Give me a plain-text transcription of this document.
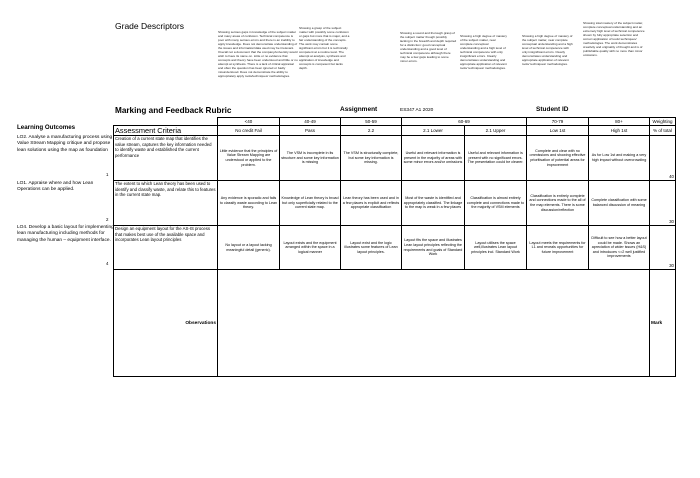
Grade Descriptors
Showing serious gaps in knowledge of the subject matter and many areas of confusion. Technical competence is poor with many serious errors and there is an inability to apply knowledge. Does not demonstrate understanding of the issues and information/data used may be irrelevant. Overall not a document that the company/university would wish to have its name on. Little or no evidence that concepts and theory have been understood and little or no attempt at synthesis. There is a lack of critical appraisal and often the question has been ignored or badly misunderstood. Does not demonstrate the ability to appropriately apply tools/techniques/ methodologies.
Showing a grasp of the subject matter with possibly some confusion or gaps but more that is major, and a fair understanding of the concepts. The work may contain some significant errors but it is technically competent at a routine level. The attempt at analysis, synthesis and application of knowledge and concepts is competent but lacks depth.
Showing a sound and thorough grasp of the subject matter though possibly lacking in the breadth and depth required for a distinction: good conceptual understanding and a good level of technical competence although there may be a few gaps leading to some minor errors.
Showing a high degree of mastery of the subject matter, near complete conceptual understanding and a high level of technical competence with only insignificant errors. Clearly demonstrates understanding and appropriate application of relevant tools/ techniques/ methodologies.
Showing a high degree of mastery of the subject matter, near complete conceptual understanding and a high level of technical competence with only insignificant errors. Clearly demonstrates understanding and appropriate application of relevant tools/ techniques/ methodologies.
Showing total mastery of the subject matter, complete conceptual understanding and an extremely high level of technical competence shown by fully appropriate selection and correct application of tools/ techniques/ methodologies. The work demonstrates creativity and originality of thought and is of publishable quality with no more than minor omissions.
Marking and Feedback Rubric	Assignment	ES347 A1 2020	Student ID
Learning Outcomes
LO2. Analyse a manufacturing process using Value Stream Mapping critique and propose lean solutions using the map as foundation
LO1. Appraise where and how Lean Operations can be applied.
LO4. Develop a basic layout for implementing lean manufacturing including methods for managing the human – equipment interface.
1
2
4
	<40	40-49	50-59	60-69		70-79	80+	Weighting
Assessment Criteria	No credit Fail	Pass	2.2	2.1 Lower	2.1 Upper	Low 1st	High 1st	% of total
Creation of a current state map that identifies the value stream, captures the key information needed to identify waste and established the current performance	Little evidence that the principles of Value Stream Mapping are understood or applied to the problem.	The VSM is incomplete in its structure and some key information is missing	The VSM is structurally complete, but some key information is missing.	Useful and relevant information is present in the majority of areas with some minor errors and/or omissions	Useful and relevant information is present with no significant errors. The presentation could be clearer.	Complete and clear with no ommissions and showing effective prioritisation of potential areas for improvement	As for Low 1st and making a very high impact without overcrowding	40
The extent to which Lean theory has been used to identify and classify waste, and relate this to features in the current state map.	Any evidence is sporadic and fails to classify waste according to Lean theory.	Knowledge of Lean theory is broad but only superficially related to the current state map.	Lean theory has been used and in a few places is explicit and reflects appropriate classification	Most of the waste is identified and appropriately classified. The linkage to the map is weak in a few places	Classification is almost entirely complete and connections made to the majority of VSM elements	Classification is entirely complete and connections made to the all of the map elements. There is some discussion/reflection	Complete classification with some balanced discussion of meaning	30
Design an equipment layout for the AS-IS process that makes best use of the available space and incorporates Lean layout principles	No layout or a layout lacking meaningful detail (generic).	Layout exists and the equipment arranged within the space in a logical manner	Layout exist and the logic illustrates some features of Lean layout principles.	Layout fits the space and illustrates Lean layout principles reflecting the requirements and goals of Standard Work	Layout utilises the space well,illustrates Lean layout principles incl. Standard Work	Layout meets the requirements for L1 and reveals opportunities for future improvement	Difficult to see how a better layout could be made. Shows an apreciation of wider issues (H&S) and introduces <=2 well justified improvements	30
Observations								Mark
